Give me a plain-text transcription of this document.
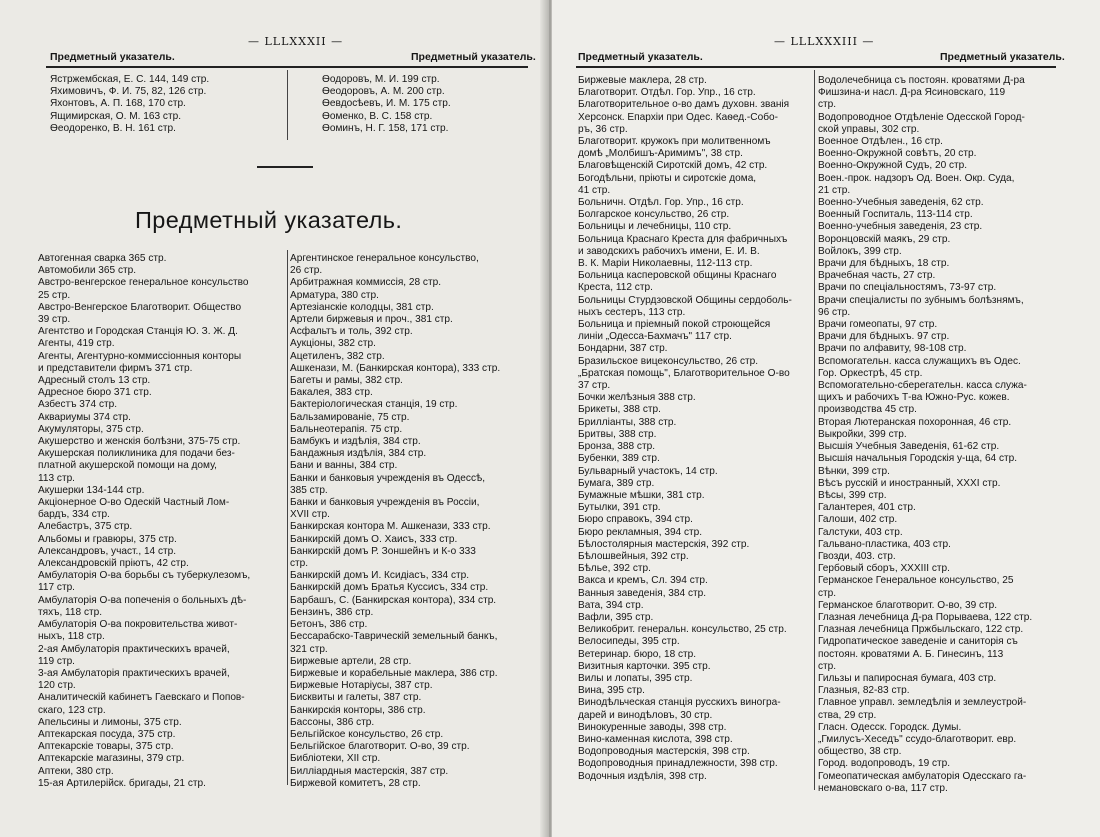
— LLLXXXII —
Предметный указатель.	Предметный указатель.
Ястржембская, Е. С. 144, 149 стр.
Яхимовичъ, Ф. И. 75, 82, 126 стр.
Яхонтовъ, А. П. 168, 170 стр.
Ящимирская, О. М. 163 стр.
Ѳеодоренко, В. Н. 161 стр.
Ѳодоровъ, М. И. 199 стр.
Ѳеодоровъ, А. М. 200 стр.
Ѳевдосѣевъ, И. М. 175 стр.
Ѳоменко, В. С. 158 стр.
Ѳоминъ, Н. Г. 158, 171 стр.
Предметный указатель.
Автогенная сварка 365 стр.
Автомобили 365 стр.
Австро-венгерское генеральное консульство
25 стр.
Австро-Венгерское Благотворит. Общество
39 стр.
Агентство и Городская Станція Ю. З. Ж. Д.
Агенты, 419 стр.
Агенты, Агентурно-коммиссіонныя конторы
и представители фирмъ 371 стр.
Адресный столъ 13 стр.
Адресное бюро 371 стр.
Азбестъ 374 стр.
Аквариумы 374 стр.
Акумуляторы, 375 стр.
Акушерство и женскія болѣзни, 375-75 стр.
Акушерская поликлиника для подачи без-
платной акушерской помощи на дому,
113 стр.
Акушерки 134-144 стр.
Акціонерное О-во Одескій Частный Лом-
бардъ, 334 стр.
Алебастръ, 375 стр.
Альбомы и гравюры, 375 стр.
Александровъ, участ., 14 стр.
Александровскій пріютъ, 42 стр.
Амбулаторія О-ва борьбы съ туберкулезомъ,
117 стр.
Амбулаторія О-ва попеченія о больныхъ дѣ-
тяхъ, 118 стр.
Амбулаторія О-ва покровительства живот-
ныхъ, 118 стр.
2-ая Амбулаторія практическихъ врачей,
119 стр.
3-ая Амбулаторія практическихъ врачей,
120 стр.
Аналитическій кабинетъ Гаевскаго и Попов-
скаго, 123 стр.
Апельсины и лимоны, 375 стр.
Аптекарская посуда, 375 стр.
Аптекарскіе товары, 375 стр.
Аптекарскіе магазины, 379 стр.
Аптеки, 380 стр.
15-ая Артилерійск. бригады, 21 стр.
Аргентинское генеральное консульство,
26 стр.
Арбитражная коммиссія, 28 стр.
Арматура, 380 стр.
Артезіанскіе колодцы, 381 стр.
Артели биржевыя и проч., 381 стр.
Асфальтъ и толь, 392 стр.
Аукціоны, 382 стр.
Ацетиленъ, 382 стр.
Ашкенази, М. (Банкирская контора), 333 стр.
Багеты и рамы, 382 стр.
Бакалея, 383 стр.
Бактеріологическая станція, 19 стр.
Бальзамированіе, 75 стр.
Бальнеотерапія. 75 стр.
Бамбукъ и издѣлія, 384 стр.
Бандажныя издѣлія, 384 стр.
Бани и ванны, 384 стр.
Банки и банковыя учрежденія въ Одессѣ,
385 стр.
Банки и банковыя учрежденія въ Россіи,
XVII стр.
Банкирская контора М. Ашкенази, 333 стр.
Банкирскій домъ О. Хаисъ, 333 стр.
Банкирскій домъ Р. Зоншейнъ и К-о 333
стр.
Банкирскій домъ И. Ксидіасъ, 334 стр.
Банкирскій домъ Братья Куссисъ, 334 стр.
Барбашъ, С. (Банкирская контора), 334 стр.
Бензинъ, 386 стр.
Бетонъ, 386 стр.
Бессарабско-Таврическій земельный банкъ,
321 стр.
Биржевые артели, 28 стр.
Биржевые и корабельные маклера, 386 стр.
Биржевые Нотаріусы, 387 стр.
Бисквиты и галеты, 387 стр.
Банкирскія конторы, 386 стр.
Бассоны, 386 стр.
Бельгійское консульство, 26 стр.
Бельгійское благотворит. О-во, 39 стр.
Библіотеки, XII стр.
Билліардныя мастерскія, 387 стр.
Биржевой комитетъ, 28 стр.
— LLLXXXIII —
Предметный указатель.	Предметный указатель.
Биржевые маклера, 28 стр.
Благотворит. Отдѣл. Гор. Упр., 16 стр.
Благотворительное о-во дамъ духовн. званія
Херсонск. Епархіи при Одес. Каѳед.-Собо-
ръ, 36 стр.
Благотворит. кружокъ при молитвенномъ
домѣ „Молбишъ-Аримимъ", 38 стр.
Благовѣщенскій Сиротскій домъ, 42 стр.
Богодѣльни, пріюты и сиротскіе дома,
41 стр.
Больничн. Отдѣл. Гор. Упр., 16 стр.
Болгарское консульство, 26 стр.
Больницы и лечебницы, 110 стр.
Больница Краснаго Креста для фабричныхъ
и заводскихъ рабочихъ имени, Е. И. В.
В. К. Маріи Николаевны, 112-113 стр.
Больница касперовской общины Краснаго
Креста, 112 стр.
Больницы Стурдзовской Общины сердоболь-
ныхъ сестеръ, 113 стр.
Больница и пріемный покой строющейся
линіи „Одесса-Бахмачъ" 117 стр.
Бондарни, 387 стр.
Бразильское вицеконсульство, 26 стр.
„Братская помощь", Благотворительное О-во
37 стр.
Бочки желѣзныя 388 стр.
Брикеты, 388 стр.
Брилліанты, 388 стр.
Бритвы, 388 стр.
Бронза, 388 стр.
Бубенки, 389 стр.
Бульварный участокъ, 14 стр.
Бумага, 389 стр.
Бумажные мѣшки, 381 стр.
Бутылки, 391 стр.
Бюро справокъ, 394 стр.
Бюро рекламныя, 394 стр.
Бѣлостолярныя мастерскія, 392 стр.
Бѣлошвейныя, 392 стр.
Бѣлье, 392 стр.
Вакса и кремъ, Сл. 394 стр.
Ванныя заведенія, 384 стр.
Вата, 394 стр.
Вафли, 395 стр.
Великобрит. генеральн. консульство, 25 стр.
Велосипеды, 395 стр.
Ветеринар. бюро, 18 стр.
Визитныя карточки. 395 стр.
Вилы и лопаты, 395 стр.
Вина, 395 стр.
Винодѣльческая станція русскихъ виногра-
дарей и винодѣловъ, 30 стр.
Винокуренные заводы, 398 стр.
Вино-каменная кислота, 398 стр.
Водопроводныя мастерскія, 398 стр.
Водопроводныя принадлежности, 398 стр.
Водочныя издѣлія, 398 стр.
Водолечебница съ постоян. кроватями Д-ра
Фишзина-и насл. Д-ра Ясиновскаго, 119
стр.
Водопроводное Отдѣленіе Одесской Город-
ской управы, 302 стр.
Военное Отдѣлен., 16 стр.
Военно-Окружной совѣтъ, 20 стр.
Военно-Окружной Судъ, 20 стр.
Воен.-прок. надзоръ Од. Воен. Окр. Суда,
21 стр.
Военно-Учебныя заведенія, 62 стр.
Военный Госпиталь, 113-114 стр.
Военно-учебныя заведенія, 23 стр.
Воронцовскій маякъ, 29 стр.
Войлокъ, 399 стр.
Врачи для бѣдныхъ, 18 стр.
Врачебная часть, 27 стр.
Врачи по спеціальностямъ, 73-97 стр.
Врачи спеціалисты по зубнымъ болѣзнямъ,
96 стр.
Врачи гомеопаты, 97 стр.
Врачи для бѣдныхъ. 97 стр.
Врачи по алфавиту, 98-108 стр.
Вспомогательн. касса служащихъ въ Одес.
Гор. Оркестрѣ, 45 стр.
Вспомогательно-сберегательн. касса служа-
щихъ и рабочихъ Т-ва Южно-Рус. кожев.
производства 45 стр.
Вторая Лютеранская похоронная, 46 стр.
Выкройки, 399 стр.
Высшія Учебныя Заведенія, 61-62 стр.
Высшія начальныя Городскія у-ща, 64 стр.
Вѣнки, 399 стр.
Вѣсъ русскій и иностранный, XXXI стр.
Вѣсы, 399 стр.
Галантерея, 401 стр.
Галоши, 402 стр.
Галстуки, 403 стр.
Гальвано-пластика, 403 стр.
Гвозди, 403. стр.
Гербовый сборъ, XXXIII стр.
Германское Генеральное консульство, 25
стр.
Германское благотворит. О-во, 39 стр.
Глазная лечебница Д-ра Порываева, 122 стр.
Глазная лечебница Пржбыльскаго, 122 стр.
Гидропатическое заведеніе и саниторія съ
постоян. кроватями А. Б. Гинесинъ, 113
стр.
Гильзы и папиросная бумага, 403 стр.
Глазныя, 82-83 стр.
Главное управл. земледѣлія и землеустрой-
ства, 29 стр.
Гласн. Одесск. Городск. Думы.
„Гмилусъ-Хеседъ" ссудо-благотворит. евр.
общество, 38 стр.
Город. водопроводъ, 19 стр.
Гомеопатическая амбулаторія Одесскаго га-
немановскаго о-ва, 117 стр.
